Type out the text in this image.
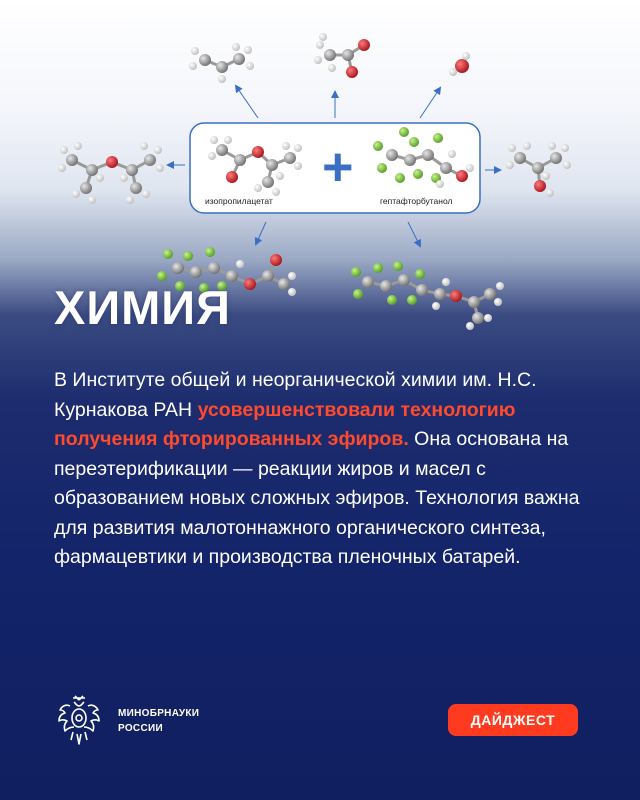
изопропилацетат	гептафторбутанол
+
ХИМИЯ

В Институте общей и неорганической химии им. Н.С. Курнакова РАН усовершенствовали технологию получения фторированных эфиров. Она основана на переэтерификации — реакции жиров и масел с образованием новых сложных эфиров. Технология важна для развития малотоннажного органического синтеза, фармацевтики и производства пленочных батарей.

МИНОБРНАУКИ
РОССИИ
ДАЙДЖЕСТ
